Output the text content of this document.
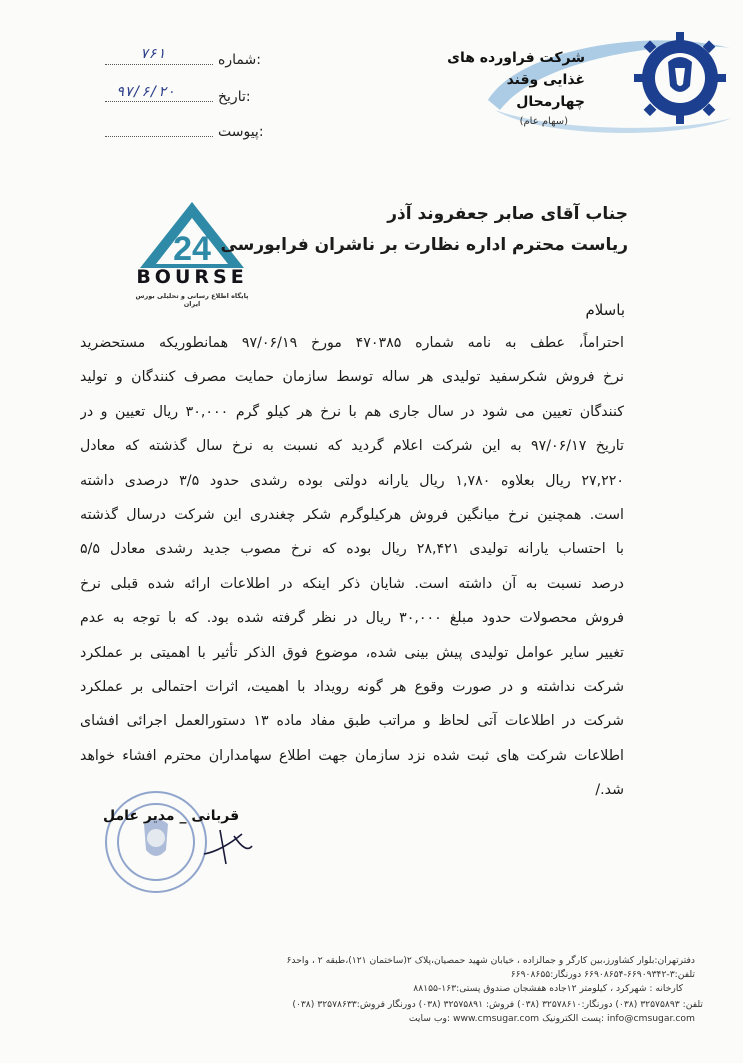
شرکت فراورده های
غذایی وقند
چهارمحال
(سهام عام)
شماره:
۷۶۱
تاریخ:
۹۷/۶/۲۰
پیوست:
24
BOURSE
پایگاه اطلاع رسانی و تحلیلی بورس ایران
جناب آقای صابر جعفروند آذر
ریاست محترم اداره نظارت بر ناشران فرابورسی
باسلام
احتراماً، عطف به نامه شماره ۴۷۰۳۸۵ مورخ ۹۷/۰۶/۱۹ همانطوریکه مستحضرید
نرخ فروش شکرسفید تولیدی هر ساله توسط سازمان حمایت مصرف کنندگان و تولید
کنندگان تعیین می شود در سال جاری هم با نرخ هر کیلو گرم ۳۰,۰۰۰ ریال تعیین و در
تاریخ ۹۷/۰۶/۱۷ به این شرکت اعلام گردید که نسبت به نرخ سال گذشته که معادل
۲۷,۲۲۰ ریال بعلاوه ۱,۷۸۰ ریال یارانه دولتی بوده رشدی حدود ۳/۵ درصدی داشته
است. همچنین نرخ میانگین فروش هرکیلوگرم شکر چغندری این شرکت درسال گذشته
با احتساب یارانه تولیدی ۲۸,۴۲۱ ریال بوده که نرخ مصوب جدید رشدی معادل ۵/۵
درصد نسبت به آن داشته است. شایان ذکر اینکه در اطلاعات ارائه شده قبلی نرخ
فروش محصولات حدود مبلغ ۳۰,۰۰۰ ریال در نظر گرفته شده بود. که با توجه به عدم
تغییر سایر عوامل تولیدی پیش بینی شده، موضوع فوق الذکر تأثیر با اهمیتی بر عملکرد
شرکت نداشته و در صورت وقوع هر گونه رویداد با اهمیت، اثرات احتمالی بر عملکرد
شرکت در اطلاعات آتی لحاظ و مراتب طبق مفاد ماده ۱۳ دستورالعمل اجرائی افشای
اطلاعات شرکت های ثبت شده نزد سازمان جهت اطلاع سهامداران محترم افشاء خواهد
شد./
قربانی _ مدیر عامل
دفترتهران:بلوار کشاورز،بین کارگر و جمالزاده ، خیابان شهید حمصیان،پلاک ۲(ساختمان ۱۲۱)،طبقه ۲ ، واحد۶
تلفن:۳-۶۶۹۰۹۳۴۲-۶۶۹۰۸۶۵۴ دورنگار:۶۶۹۰۸۶۵۵
کارخانه : شهرکرد ، کیلومتر ۱۲جاده هفشجان صندوق پستی:۱۶۳-۸۸۱۵۵
تلفن: ۳۲۵۷۵۸۹۳ (۰۳۸) دورنگار:۳۲۵۷۸۶۱۰ (۰۳۸) فروش: ۳۲۵۷۵۸۹۱ (۰۳۸) دورنگار فروش:۳۲۵۷۸۶۳۳ (۰۳۸)
وب سایت: www.cmsugar.com پست الکترونیک: info@cmsugar.com
